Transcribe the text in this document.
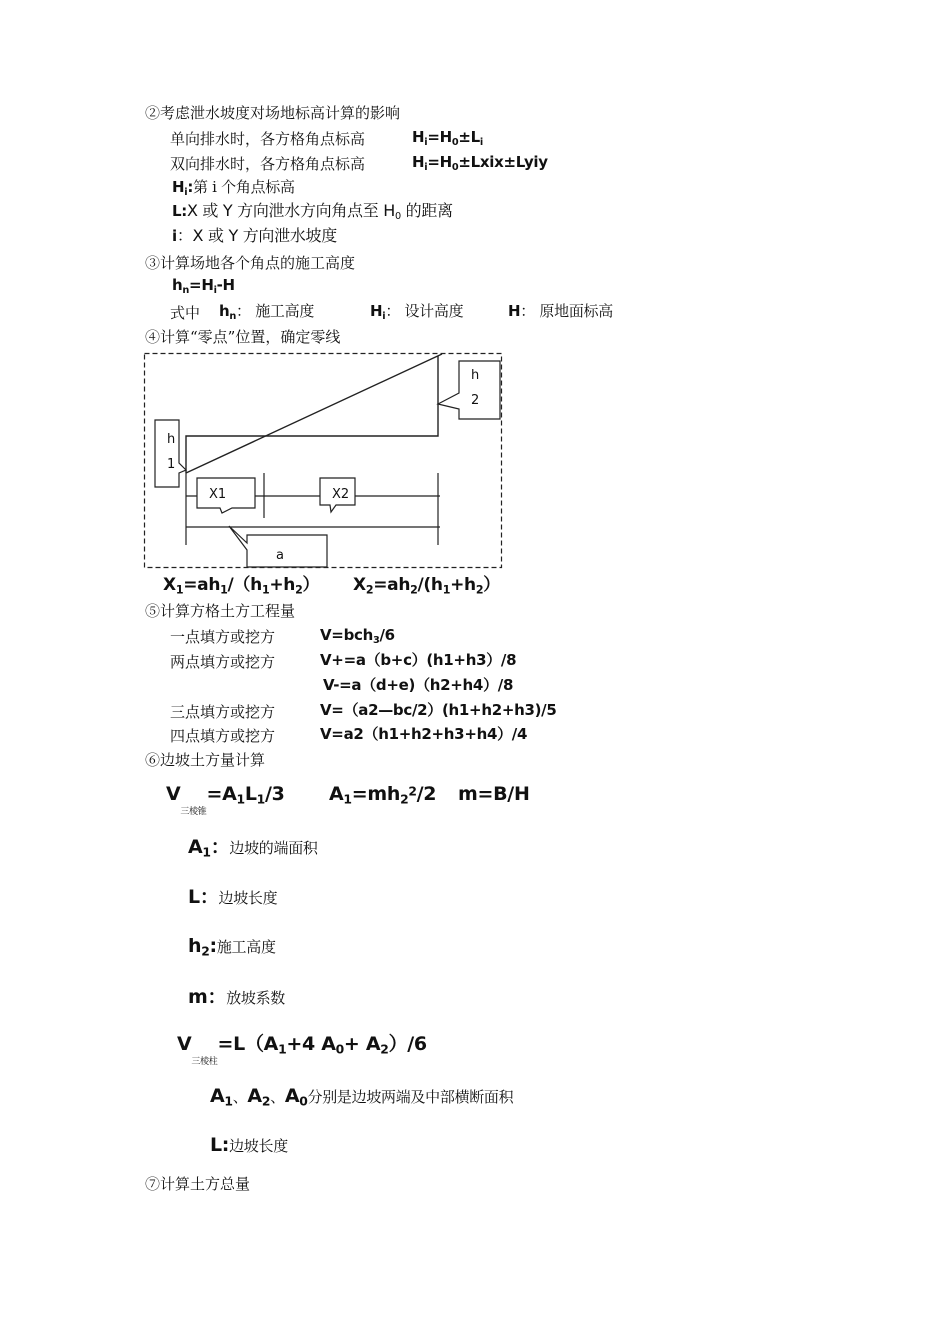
②考虑泄水坡度对场地标高计算的影响
单向排水时，各方格角点标高	$H_i=H_0\pm L_i$
双向排水时，各方格角点标高	$H_i=H_0\pm Lxix\pm Lyiy$
$H_i$:第 i 个角点标高
L:X 或 Y 方向泄水方向角点至 $H_0$ 的距离
i：X 或 Y 方向泄水坡度
③计算场地各个角点的施工高度
$h_n=H_i-H$
式中 $h_n$： 施工高度	$H_i$： 设计高度	H： 原地面标高
④计算“零点”位置，确定零线
h
2
h
1
X1	X2
a
$X_1=ah_1/(h_1+h_2)$ $X_2=ah_2/(h_1+h_2)$
⑤计算方格土方工程量
一点填方或挖方	V=bch$_3$/6
两点填方或挖方	V+=a（b+c）(h1+h3）/8
V-=a（d+e)（h2+h4）/8
三点填方或挖方	V=（a2—bc/2）(h1+h2+h3)/5
四点填方或挖方	V=a2（h1+h2+h3+h4）/4
⑥边坡土方量计算
$V_{三棱锥}=A_1L_1/3$ $A_1=mh_2^2/2$ m=B/H
$A_1$：边坡的端面积
L：边坡长度
$h_2$:施工高度
m：放坡系数
$V_{三棱柱}=L(A_1+4$ $A_0+ A_2)/6$
$A_1$、$A_2$、$A_0$分别是边坡两端及中部横断面积
L:边坡长度
⑦计算土方总量
